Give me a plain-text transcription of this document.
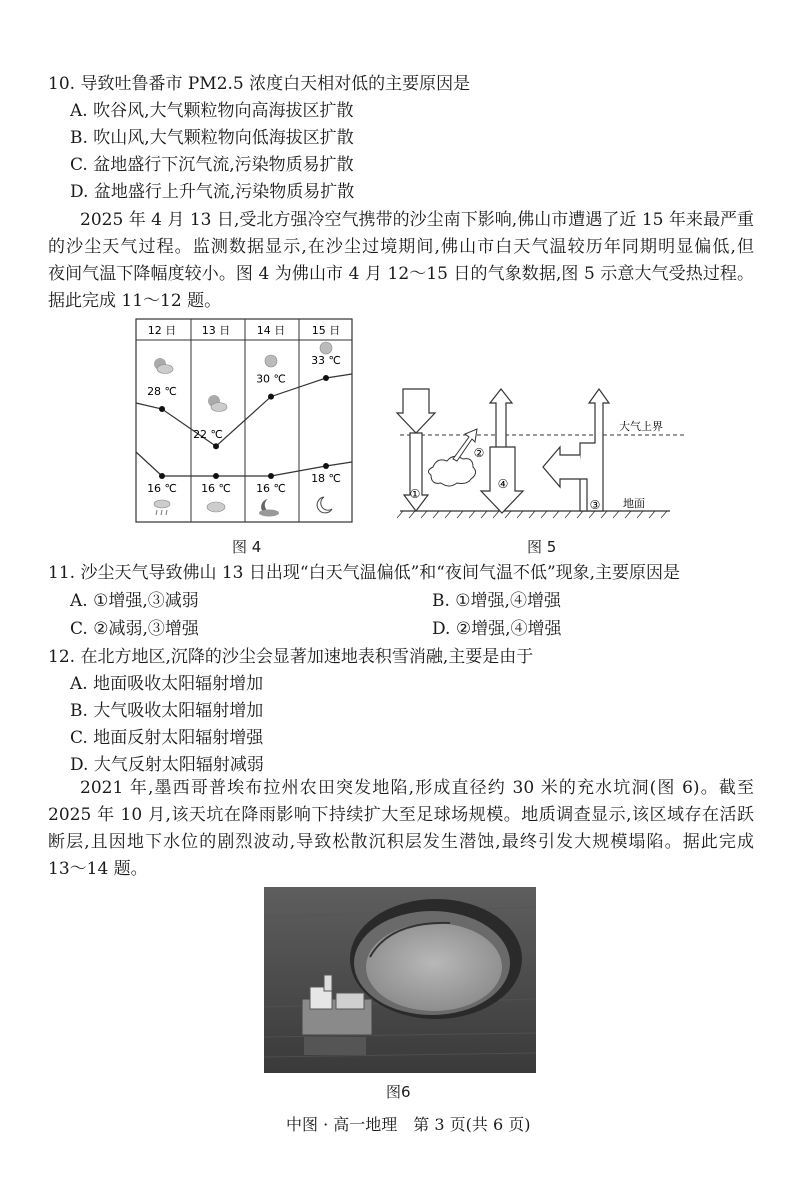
10. 导致吐鲁番市 PM2.5 浓度白天相对低的主要原因是
A. 吹谷风,大气颗粒物向高海拔区扩散
B. 吹山风,大气颗粒物向低海拔区扩散
C. 盆地盛行下沉气流,污染物质易扩散
D. 盆地盛行上升气流,污染物质易扩散
2025 年 4 月 13 日,受北方强冷空气携带的沙尘南下影响,佛山市遭遇了近 15 年来最严重
的沙尘天气过程。监测数据显示,在沙尘过境期间,佛山市白天气温较历年同期明显偏低,但
夜间气温下降幅度较小。图 4 为佛山市 4 月 12～15 日的气象数据,图 5 示意大气受热过程。
据此完成 11～12 题。
12 日 13 日 14 日 15 日
28 ℃
22 ℃
30 ℃
33 ℃
16 ℃ 16 ℃ 16 ℃
18 ℃
图 4
①
②
③
④
大气上界
地面
图 5
11. 沙尘天气导致佛山 13 日出现“白天气温偏低”和“夜间气温不低”现象,主要原因是
A. ①增强,③减弱	B. ①增强,④增强
C. ②减弱,③增强	D. ②增强,④增强
12. 在北方地区,沉降的沙尘会显著加速地表积雪消融,主要是由于
A. 地面吸收太阳辐射增加
B. 大气吸收太阳辐射增加
C. 地面反射太阳辐射增强
D. 大气反射太阳辐射减弱
2021 年,墨西哥普埃布拉州农田突发地陷,形成直径约 30 米的充水坑洞(图 6)。截至
2025 年 10 月,该天坑在降雨影响下持续扩大至足球场规模。地质调查显示,该区域存在活跃
断层,且因地下水位的剧烈波动,导致松散沉积层发生潜蚀,最终引发大规模塌陷。据此完成
13～14 题。
图6
中图 · 高一地理　第 3 页(共 6 页)
